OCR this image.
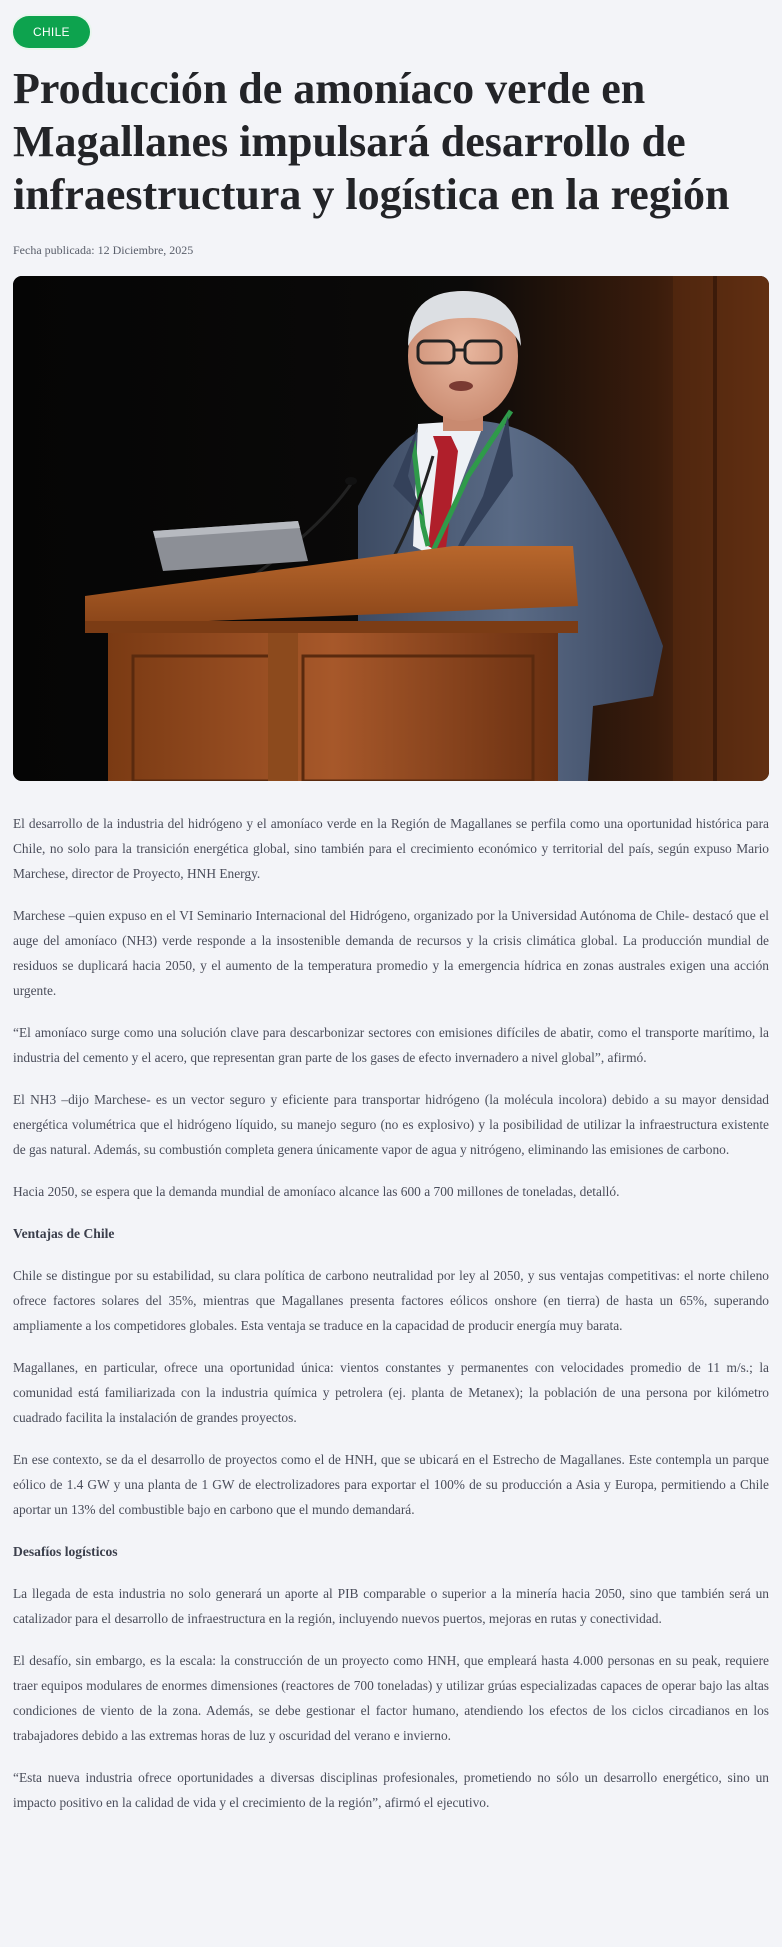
CHILE
Producción de amoníaco verde en Magallanes impulsará desarrollo de infraestructura y logística en la región
Fecha publicada: 12 Diciembre, 2025

El desarrollo de la industria del hidrógeno y el amoníaco verde en la Región de Magallanes se perfila como una oportunidad histórica para Chile, no solo para la transición energética global, sino también para el crecimiento económico y territorial del país, según expuso Mario Marchese, director de Proyecto, HNH Energy.

Marchese –quien expuso en el VI Seminario Internacional del Hidrógeno, organizado por la Universidad Autónoma de Chile- destacó que el auge del amoníaco (NH3) verde responde a la insostenible demanda de recursos y la crisis climática global. La producción mundial de residuos se duplicará hacia 2050, y el aumento de la temperatura promedio y la emergencia hídrica en zonas australes exigen una acción urgente.

“El amoníaco surge como una solución clave para descarbonizar sectores con emisiones difíciles de abatir, como el transporte marítimo, la industria del cemento y el acero, que representan gran parte de los gases de efecto invernadero a nivel global”, afirmó.

El NH3 –dijo Marchese- es un vector seguro y eficiente para transportar hidrógeno (la molécula incolora) debido a su mayor densidad energética volumétrica que el hidrógeno líquido, su manejo seguro (no es explosivo) y la posibilidad de utilizar la infraestructura existente de gas natural. Además, su combustión completa genera únicamente vapor de agua y nitrógeno, eliminando las emisiones de carbono.

Hacia 2050, se espera que la demanda mundial de amoníaco alcance las 600 a 700 millones de toneladas, detalló.

Ventajas de Chile

Chile se distingue por su estabilidad, su clara política de carbono neutralidad por ley al 2050, y sus ventajas competitivas: el norte chileno ofrece factores solares del 35%, mientras que Magallanes presenta factores eólicos onshore (en tierra) de hasta un 65%, superando ampliamente a los competidores globales. Esta ventaja se traduce en la capacidad de producir energía muy barata.

Magallanes, en particular, ofrece una oportunidad única: vientos constantes y permanentes con velocidades promedio de 11 m/s.; la comunidad está familiarizada con la industria química y petrolera (ej. planta de Metanex); la población de una persona por kilómetro cuadrado facilita la instalación de grandes proyectos.

En ese contexto, se da el desarrollo de proyectos como el de HNH, que se ubicará en el Estrecho de Magallanes. Este contempla un parque eólico de 1.4 GW y una planta de 1 GW de electrolizadores para exportar el 100% de su producción a Asia y Europa, permitiendo a Chile aportar un 13% del combustible bajo en carbono que el mundo demandará.

Desafíos logísticos

La llegada de esta industria no solo generará un aporte al PIB comparable o superior a la minería hacia 2050, sino que también será un catalizador para el desarrollo de infraestructura en la región, incluyendo nuevos puertos, mejoras en rutas y conectividad.

El desafío, sin embargo, es la escala: la construcción de un proyecto como HNH, que empleará hasta 4.000 personas en su peak, requiere traer equipos modulares de enormes dimensiones (reactores de 700 toneladas) y utilizar grúas especializadas capaces de operar bajo las altas condiciones de viento de la zona. Además, se debe gestionar el factor humano, atendiendo los efectos de los ciclos circadianos en los trabajadores debido a las extremas horas de luz y oscuridad del verano e invierno.

“Esta nueva industria ofrece oportunidades a diversas disciplinas profesionales, prometiendo no sólo un desarrollo energético, sino un impacto positivo en la calidad de vida y el crecimiento de la región”, afirmó el ejecutivo.
